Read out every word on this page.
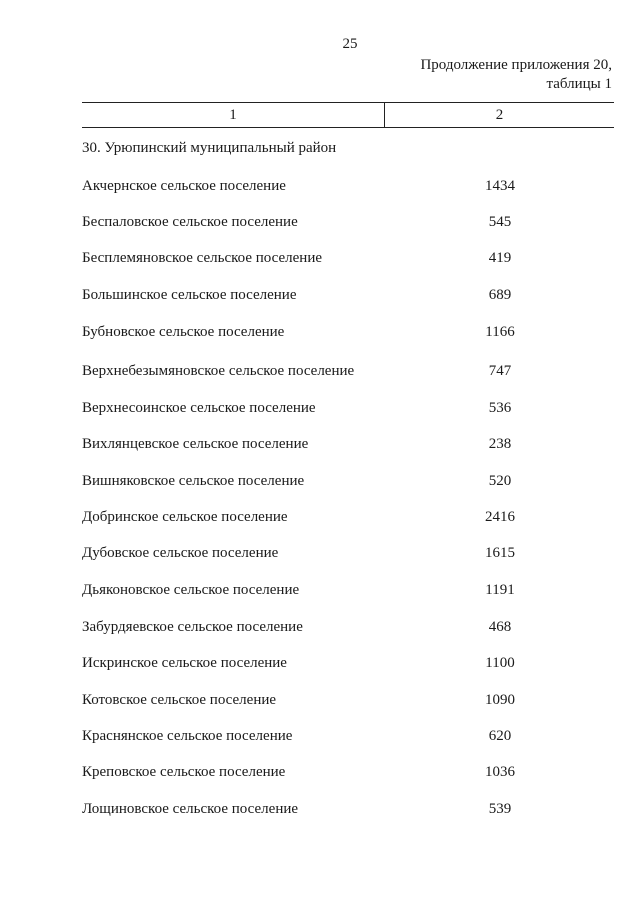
25
Продолжение приложения 20,
таблицы 1
1	2
30. Урюпинский муниципальный район
Акчернское сельское поселение	1434
Беспаловское сельское поселение	545
Бесплемяновское сельское поселение	419
Большинское сельское поселение	689
Бубновское сельское поселение	1166
Верхнебезымяновское сельское поселение	747
Верхнесоинское сельское поселение	536
Вихлянцевское сельское поселение	238
Вишняковское сельское поселение	520
Добринское сельское поселение	2416
Дубовское сельское поселение	1615
Дьяконовское сельское поселение	1191
Забурдяевское сельское поселение	468
Искринское сельское поселение	1100
Котовское сельское поселение	1090
Краснянское сельское поселение	620
Креповское сельское поселение	1036
Лощиновское сельское поселение	539
